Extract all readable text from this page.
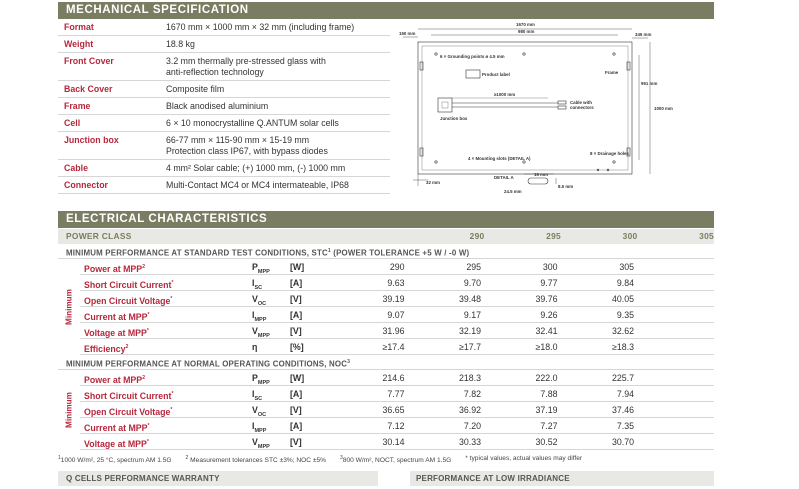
MECHANICAL SPECIFICATION
Format	1670 mm × 1000 mm × 32 mm (including frame)
Weight	18.8 kg
Front Cover	3.2 mm thermally pre-stressed glass with
anti-reflection technology
Back Cover	Composite film
Frame	Black anodised aluminium
Cell	6 × 10 monocrystalline Q.ANTUM solar cells
Junction box	66-77 mm × 115-90 mm × 15-19 mm
Protection class IP67, with bypass diodes
Cable	4 mm² Solar cable; (+) 1000 mm, (-) 1000 mm
Connector	Multi-Contact MC4 or MC4 intermateable, IP68
1670 mm
980 mm
345 mm
150 mm
6 × Grounding points ø 4.5 mm
Product label	Frame
951 mm
1000 mm
≥1000 mm
Cable with
connectors
Junction box
8 × Drainage holes
4 × Mounting slots (DETAIL A)
DETAIL A
16 mm
24.5 mm
8.5 mm
32 mm
ELECTRICAL CHARACTERISTICS
POWER CLASS	290	295	300	305
MINIMUM PERFORMANCE AT STANDARD TEST CONDITIONS, STC$^1$ (POWER TOLERANCE +5 W / -0 W)
Minimum
Power at MPP$^2$	$P_{MPP}$	[W]	290	295	300	305
Short Circuit Current*	$I_{SC}$	[A]	9.63	9.70	9.77	9.84
Open Circuit Voltage*	$V_{OC}$	[V]	39.19	39.48	39.76	40.05
Current at MPP*	$I_{MPP}$	[A]	9.07	9.17	9.26	9.35
Voltage at MPP*	$V_{MPP}$	[V]	31.96	32.19	32.41	32.62
Efficiency$^2$	η	[%]	≥17.4	≥17.7	≥18.0	≥18.3
MINIMUM PERFORMANCE AT NORMAL OPERATING CONDITIONS, NOC$^3$
Minimum
Power at MPP$^2$	$P_{MPP}$	[W]	214.6	218.3	222.0	225.7
Short Circuit Current*	$I_{SC}$	[A]	7.77	7.82	7.88	7.94
Open Circuit Voltage*	$V_{OC}$	[V]	36.65	36.92	37.19	37.46
Current at MPP*	$I_{MPP}$	[A]	7.12	7.20	7.27	7.35
Voltage at MPP*	$V_{MPP}$	[V]	30.14	30.33	30.52	30.70
$^1$1000 W/m², 25 °C, spectrum AM 1.5G	$^2$ Measurement tolerances STC ±3%; NOC ±5%	$^3$800 W/m², NOCT, spectrum AM 1.5G * typical values, actual values may differ
Q CELLS PERFORMANCE WARRANTY	PERFORMANCE AT LOW IRRADIANCE
